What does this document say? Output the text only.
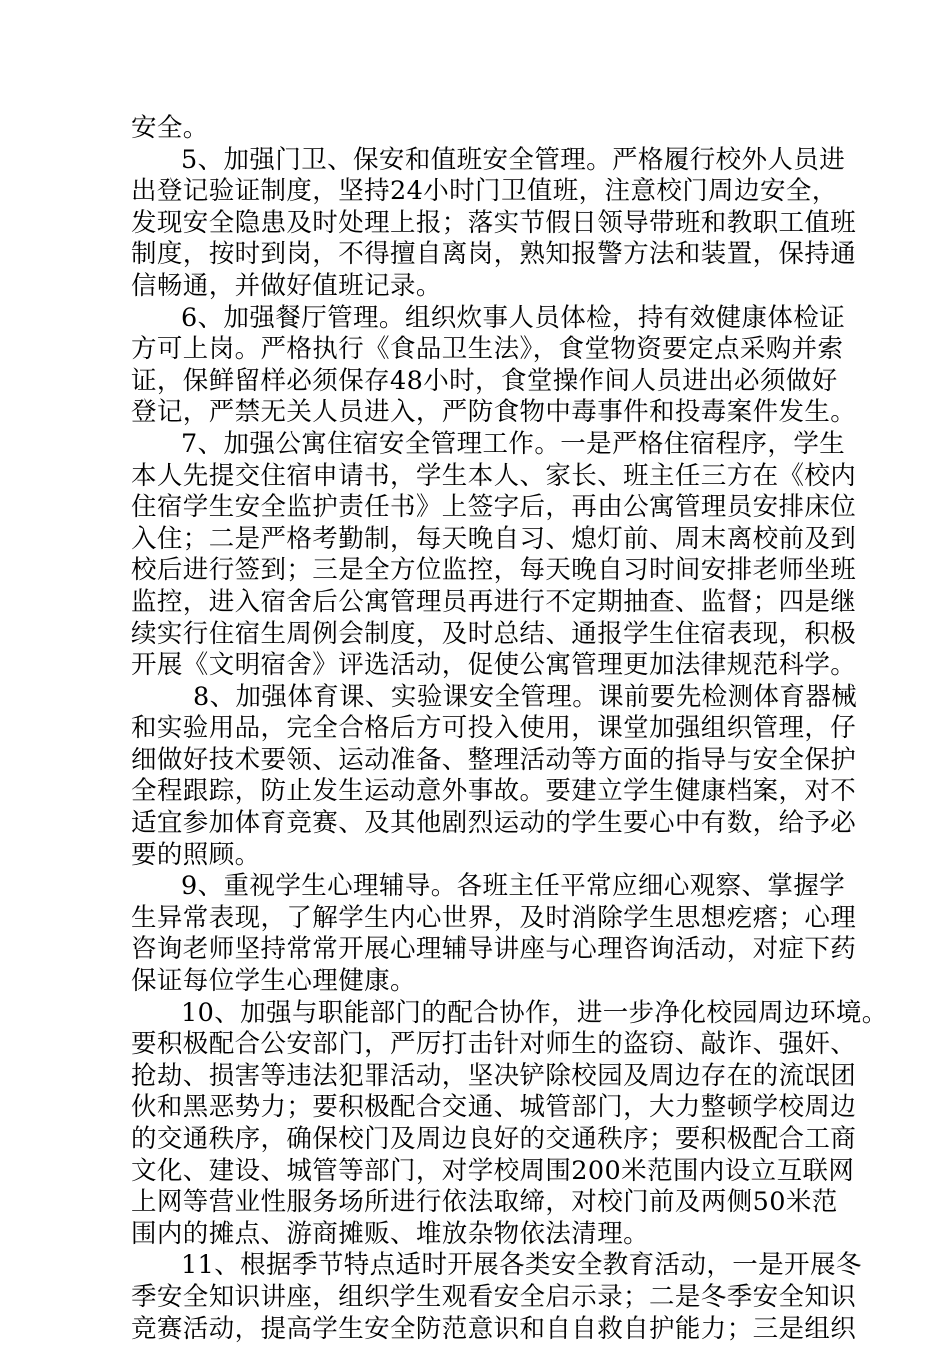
安全。
5、加强门卫、保安和值班安全管理。严格履行校外人员进
出登记验证制度，坚持24小时门卫值班，注意校门周边安全，
发现安全隐患及时处理上报；落实节假日领导带班和教职工值班
制度，按时到岗，不得擅自离岗，熟知报警方法和装置，保持通
信畅通，并做好值班记录。
6、加强餐厅管理。组织炊事人员体检，持有效健康体检证
方可上岗。严格执行《食品卫生法》，食堂物资要定点采购并索
证，保鲜留样必须保存48小时，食堂操作间人员进出必须做好
登记，严禁无关人员进入，严防食物中毒事件和投毒案件发生。
7、加强公寓住宿安全管理工作。一是严格住宿程序，学生
本人先提交住宿申请书，学生本人、家长、班主任三方在《校内
住宿学生安全监护责任书》上签字后，再由公寓管理员安排床位
入住；二是严格考勤制，每天晚自习、熄灯前、周末离校前及到
校后进行签到；三是全方位监控，每天晚自习时间安排老师坐班
监控，进入宿舍后公寓管理员再进行不定期抽查、监督；四是继
续实行住宿生周例会制度，及时总结、通报学生住宿表现，积极
开展《文明宿舍》评选活动，促使公寓管理更加法律规范科学。
8、加强体育课、实验课安全管理。课前要先检测体育器械
和实验用品，完全合格后方可投入使用，课堂加强组织管理，仔
细做好技术要领、运动准备、整理活动等方面的指导与安全保护
全程跟踪，防止发生运动意外事故。要建立学生健康档案，对不
适宜参加体育竞赛、及其他剧烈运动的学生要心中有数，给予必
要的照顾。
9、重视学生心理辅导。各班主任平常应细心观察、掌握学
生异常表现，了解学生内心世界，及时消除学生思想疙瘩；心理
咨询老师坚持常常开展心理辅导讲座与心理咨询活动，对症下药
保证每位学生心理健康。
10、加强与职能部门的配合协作，进一步净化校园周边环境。
要积极配合公安部门，严厉打击针对师生的盗窃、敲诈、强奸、
抢劫、损害等违法犯罪活动，坚决铲除校园及周边存在的流氓团
伙和黑恶势力；要积极配合交通、城管部门，大力整顿学校周边
的交通秩序，确保校门及周边良好的交通秩序；要积极配合工商
文化、建设、城管等部门，对学校周围200米范围内设立互联网
上网等营业性服务场所进行依法取缔，对校门前及两侧50米范
围内的摊点、游商摊贩、堆放杂物依法清理。
11、根据季节特点适时开展各类安全教育活动，一是开展冬
季安全知识讲座，组织学生观看安全启示录；二是冬季安全知识
竞赛活动，提高学生安全防范意识和自自救自护能力；三是组织
